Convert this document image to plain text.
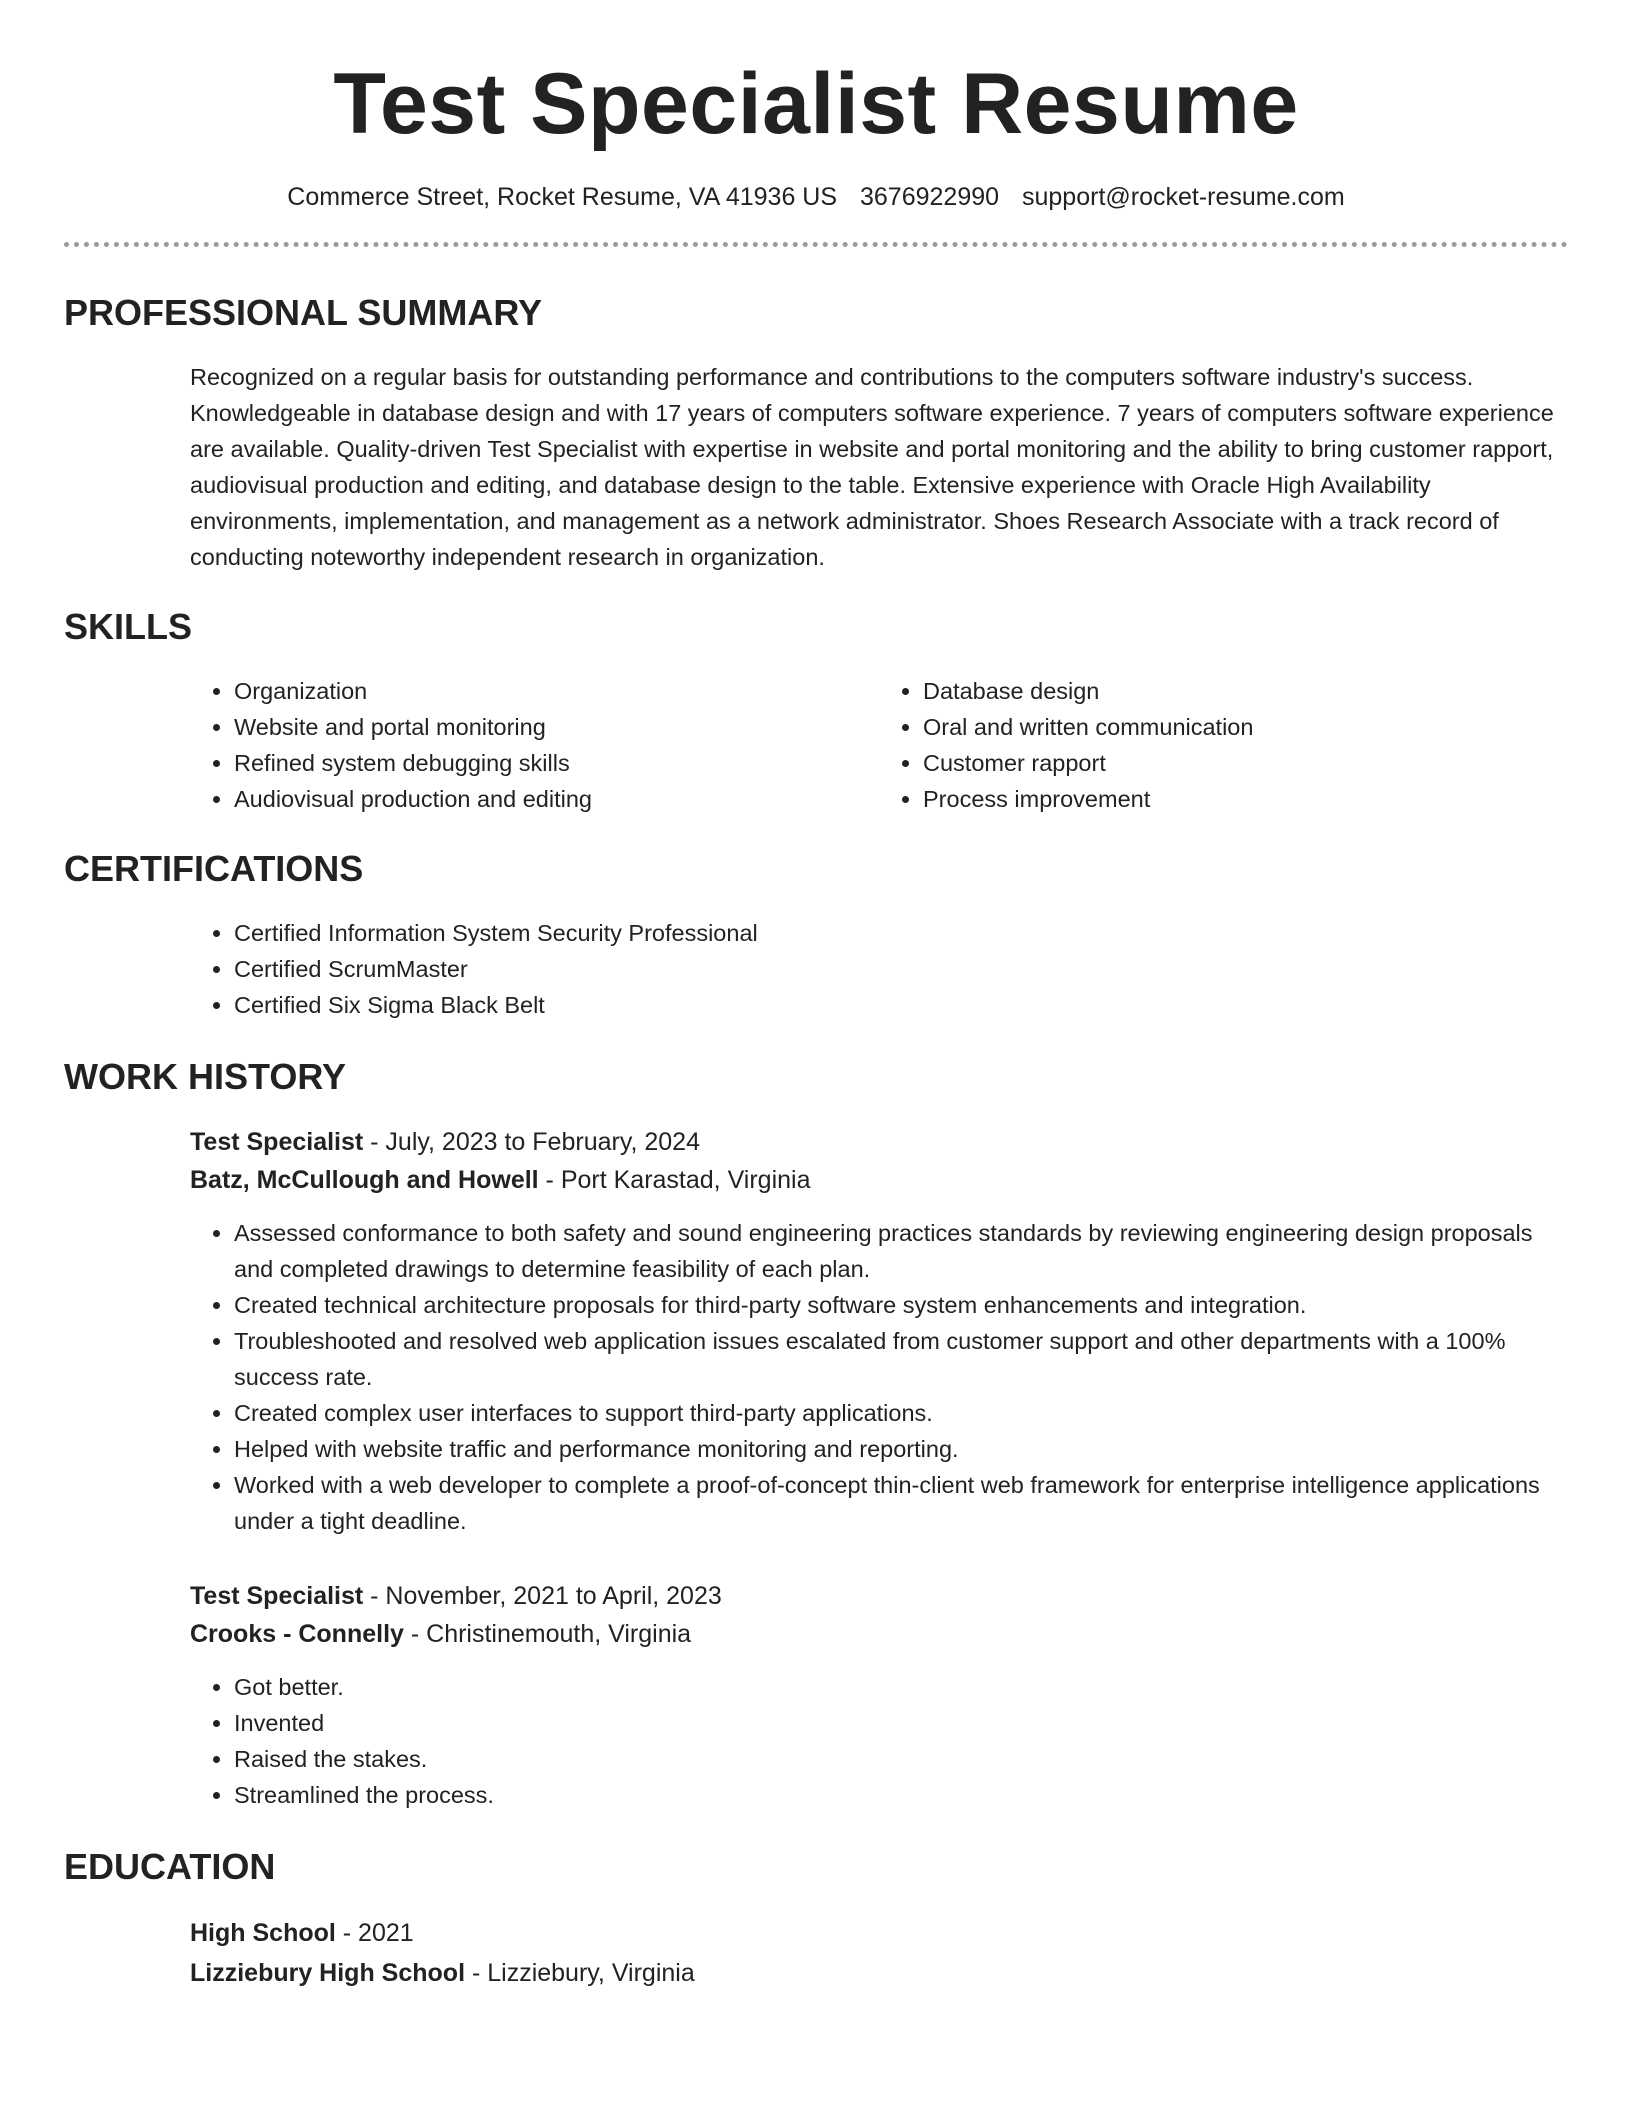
Test Specialist Resume
Commerce Street, Rocket Resume, VA 41936 US 3676922990 support@rocket-resume.com
PROFESSIONAL SUMMARY

Recognized on a regular basis for outstanding performance and contributions to the computers software industry's success. Knowledgeable in database design and with 17 years of computers software experience. 7 years of computers software experience are available. Quality-driven Test Specialist with expertise in website and portal monitoring and the ability to bring customer rapport, audiovisual production and editing, and database design to the table. Extensive experience with Oracle High Availability environments, implementation, and management as a network administrator. Shoes Research Associate with a track record of conducting noteworthy independent research in organization.

SKILLS
• Organization
• Website and portal monitoring
• Refined system debugging skills
• Audiovisual production and editing
• Database design
• Oral and written communication
• Customer rapport
• Process improvement
CERTIFICATIONS
• Certified Information System Security Professional
• Certified ScrumMaster
• Certified Six Sigma Black Belt
WORK HISTORY
Test Specialist - July, 2023 to February, 2024
Batz, McCullough and Howell - Port Karastad, Virginia
• Assessed conformance to both safety and sound engineering practices standards by reviewing engineering design proposals and completed drawings to determine feasibility of each plan.
• Created technical architecture proposals for third-party software system enhancements and integration.
• Troubleshooted and resolved web application issues escalated from customer support and other departments with a 100% success rate.
• Created complex user interfaces to support third-party applications.
• Helped with website traffic and performance monitoring and reporting.
• Worked with a web developer to complete a proof-of-concept thin-client web framework for enterprise intelligence applications under a tight deadline.
Test Specialist - November, 2021 to April, 2023
Crooks - Connelly - Christinemouth, Virginia
• Got better.
• Invented
• Raised the stakes.
• Streamlined the process.
EDUCATION
High School - 2021
Lizziebury High School - Lizziebury, Virginia
